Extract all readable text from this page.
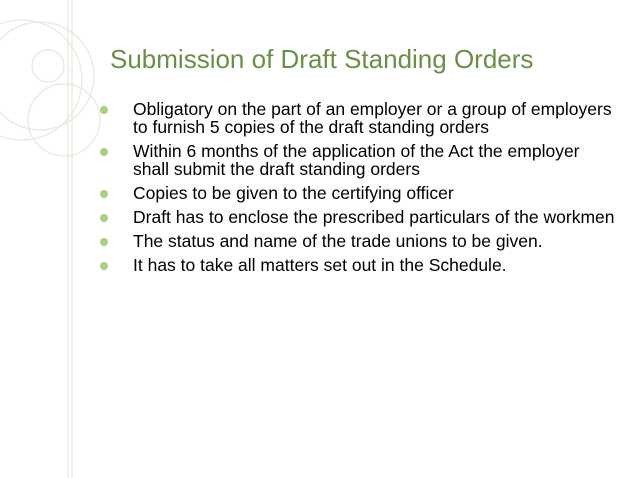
Submission of Draft Standing Orders
Obligatory on the part of an employer or a group of employers to furnish 5 copies of the draft standing orders
Within 6 months of the application of the Act the employer shall submit the draft standing orders
Copies to be given to the certifying officer
Draft has to enclose the prescribed particulars of the workmen
The status and name of the trade unions to be given.
It has to take all matters set out in the Schedule.
